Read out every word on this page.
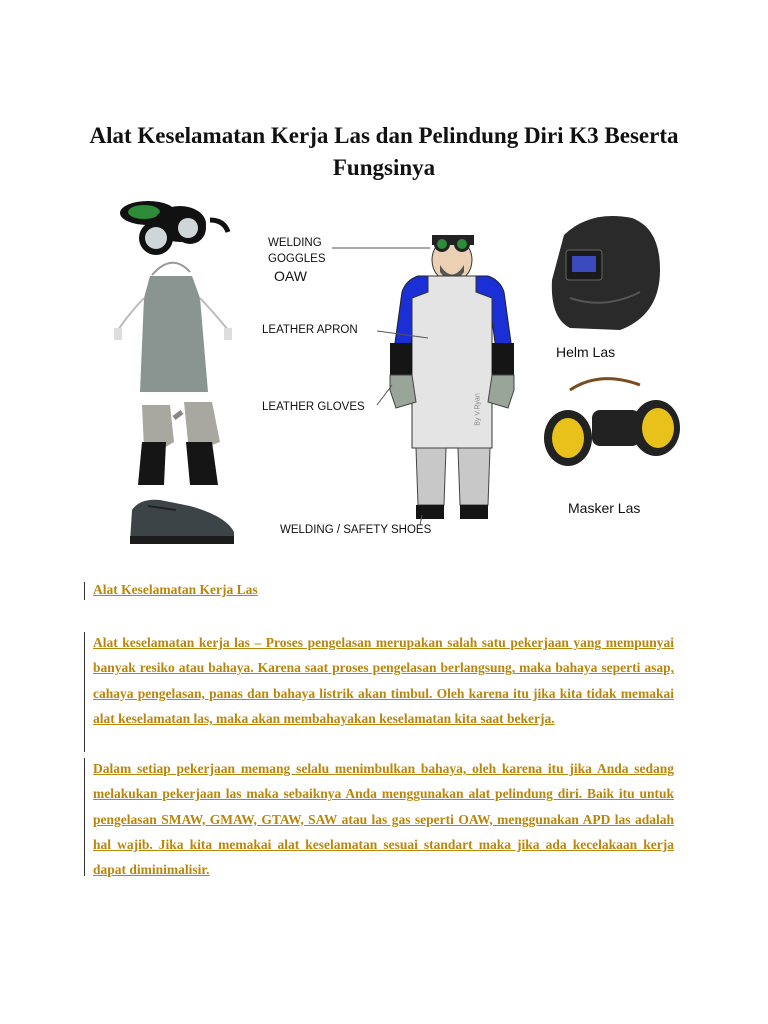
Alat Keselamatan Kerja Las dan Pelindung Diri K3 Beserta Fungsinya
WELDING
GOGGLES
OAW
LEATHER APRON
LEATHER GLOVES
WELDING / SAFETY SHOES
Helm Las
Masker Las
By V.Ryan
Alat Keselamatan Kerja Las

Alat keselamatan kerja las – Proses pengelasan merupakan salah satu pekerjaan yang mempunyai banyak resiko atau bahaya. Karena saat proses pengelasan berlangsung, maka bahaya seperti asap, cahaya pengelasan, panas dan bahaya listrik akan timbul. Oleh karena itu jika kita tidak memakai alat keselamatan las, maka akan membahayakan keselamatan kita saat bekerja.

Dalam setiap pekerjaan memang selalu menimbulkan bahaya, oleh karena itu jika Anda sedang melakukan pekerjaan las maka sebaiknya Anda menggunakan alat pelindung diri. Baik itu untuk pengelasan SMAW, GMAW, GTAW, SAW atau las gas seperti OAW, menggunakan APD las adalah hal wajib. Jika kita memakai alat keselamatan sesuai standart maka jika ada kecelakaan kerja dapat diminimalisir.
